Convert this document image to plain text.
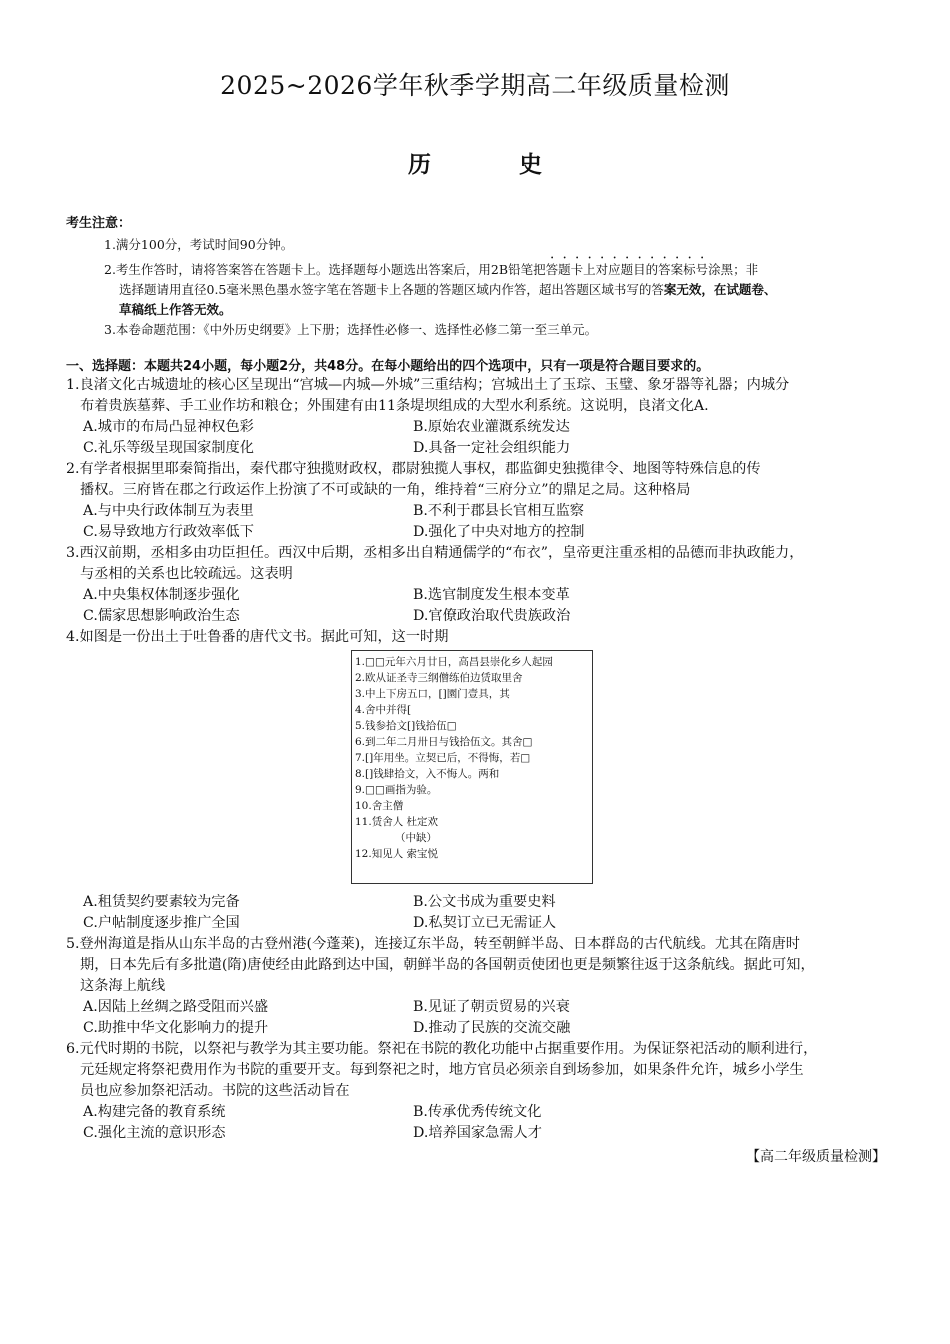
2025~2026学年秋季学期高二年级质量检测
历	史
考生注意：
1.满分100分，考试时间90分钟。
2.考生作答时，请将答案答在答题卡上。选择题每小题选出答案后，用2B铅笔把答题卡上对应题目的答案标号涂黑；非
选择题请用直径0.5毫米黑色墨水签字笔在答题卡上各题的答题区域内作答，超出答题区域书写的答案无效，在试题卷、
草稿纸上作答无效。
3.本卷命题范围：《中外历史纲要》上下册；选择性必修一、选择性必修二第一至三单元。
一、选择题：本题共24小题，每小题2分，共48分。在每小题给出的四个选项中，只有一项是符合题目要求的。
1.良渚文化古城遗址的核心区呈现出“宫城—内城—外城”三重结构；宫城出土了玉琮、玉璧、象牙器等礼器；内城分
布着贵族墓葬、手工业作坊和粮仓；外围建有由11条堤坝组成的大型水利系统。这说明，良渚文化A.
A.城市的布局凸显神权色彩	B.原始农业灌溉系统发达
C.礼乐等级呈现国家制度化	D.具备一定社会组织能力
2.有学者根据里耶秦简指出，秦代郡守独揽财政权，郡尉独揽人事权，郡监御史独揽律令、地图等特殊信息的传
播权。三府皆在郡之行政运作上扮演了不可或缺的一角，维持着“三府分立”的鼎足之局。这种格局
A.与中央行政体制互为表里	B.不利于郡县长官相互监察
C.易导致地方行政效率低下	D.强化了中央对地方的控制
3.西汉前期，丞相多由功臣担任。西汉中后期，丞相多出自精通儒学的“布衣”，皇帝更注重丞相的品德而非执政能力，
与丞相的关系也比较疏远。这表明
A.中央集权体制逐步强化	B.选官制度发生根本变革
C.儒家思想影响政治生态	D.官僚政治取代贵族政治
4.如图是一份出土于吐鲁番的唐代文书。据此可知，这一时期
1.□□元年六月廿日，高昌县崇化乡人起园
2.欧从证圣寺三纲僧练伯边赁取里舍
3.中上下房五口，[]園门壹具，其
4.舍中并得[
5.钱参拾文[]钱拾伍□
6.到二年二月卅日与钱拾伍文。其舍□
7.[]年用坐。立契已后，不得悔，若□
8.[]钱肆拾文，入不悔人。两和
9.□□画指为验。
10.舍主僧
11.赁舍人 杜定欢
（中缺）
12.知见人 索宝悦
A.租赁契约要素较为完备	B.公文书成为重要史料
C.户帖制度逐步推广全国	D.私契订立已无需证人
5.登州海道是指从山东半岛的古登州港(今蓬莱)，连接辽东半岛，转至朝鲜半岛、日本群岛的古代航线。尤其在隋唐时
期，日本先后有多批遣(隋)唐使经由此路到达中国，朝鲜半岛的各国朝贡使团也更是频繁往返于这条航线。据此可知，
这条海上航线
A.因陆上丝绸之路受阻而兴盛	B.见证了朝贡贸易的兴衰
C.助推中华文化影响力的提升	D.推动了民族的交流交融
6.元代时期的书院，以祭祀与教学为其主要功能。祭祀在书院的教化功能中占据重要作用。为保证祭祀活动的顺利进行，
元廷规定将祭祀费用作为书院的重要开支。每到祭祀之时，地方官员必须亲自到场参加，如果条件允许，城乡小学生
员也应参加祭祀活动。书院的这些活动旨在
A.构建完备的教育系统	B.传承优秀传统文化
C.强化主流的意识形态	D.培养国家急需人才
【高二年级质量检测】
